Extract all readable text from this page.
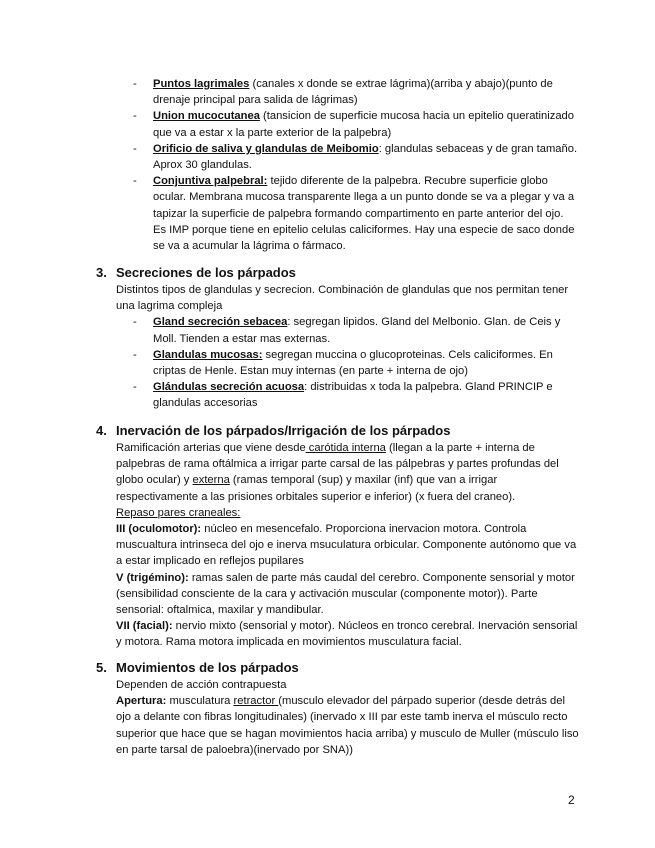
- Puntos lagrimales (canales x donde se extrae lágrima)(arriba y abajo)(punto de drenaje principal para salida de lágrimas)
- Union mucocutanea (tansicion de superficie mucosa hacia un epitelio queratinizado que va a estar x la parte exterior de la palpebra)
- Orificio de saliva y glandulas de Meibomio: glandulas sebaceas y de gran tamaño. Aprox 30 glandulas.
- Conjuntiva palpebral: tejido diferente de la palpebra. Recubre superficie globo ocular. Membrana mucosa transparente llega a un punto donde se va a plegar y va a tapizar la superficie de palpebra formando compartimento en parte anterior del ojo. Es IMP porque tiene en epitelio celulas caliciformes. Hay una especie de saco donde se va a acumular la lágrima o fármaco.
3. Secreciones de los párpados
Distintos tipos de glandulas y secrecion. Combinación de glandulas que nos permitan tener una lagrima compleja
- Gland secreción sebacea: segregan lipidos. Gland del Melbonio. Glan. de Ceis y Moll. Tienden a estar mas externas.
- Glandulas mucosas: segregan muccina o glucoproteinas. Cels caliciformes. En criptas de Henle. Estan muy internas (en parte + interna de ojo)
- Glándulas secreción acuosa: distribuidas x toda la palpebra. Gland PRINCIP e glandulas accesorias
4. Inervación de los párpados/Irrigación de los párpados
Ramificación arterias que viene desde carótida interna (llegan a la parte + interna de palpebras de rama oftálmica a irrigar parte carsal de las pálpebras y partes profundas del globo ocular) y externa (ramas temporal (sup) y maxilar (inf) que van a irrigar respectivamente a las prisiones orbitales superior e inferior) (x fuera del craneo).
Repaso pares craneales:
III (oculomotor): núcleo en mesencefalo. Proporciona inervacion motora. Controla muscualtura intrinseca del ojo e inerva msuculatura orbicular. Componente autónomo que va a estar implicado en reflejos pupilares
V (trigémino): ramas salen de parte más caudal del cerebro. Componente sensorial y motor (sensibilidad consciente de la cara y activación muscular (componente motor)). Parte sensorial: oftalmica, maxilar y mandibular.
VII (facial): nervio mixto (sensorial y motor). Núcleos en tronco cerebral. Inervación sensorial y motora. Rama motora implicada en movimientos musculatura facial.
5. Movimientos de los párpados
Dependen de acción contrapuesta
Apertura: musculatura retractor (musculo elevador del párpado superior (desde detrás del ojo a delante con fibras longitudinales) (inervado x III par este tamb inerva el músculo recto superior que hace que se hagan movimientos hacia arriba) y musculo de Muller (músculo liso en parte tarsal de paloebra)(inervado por SNA))
2
